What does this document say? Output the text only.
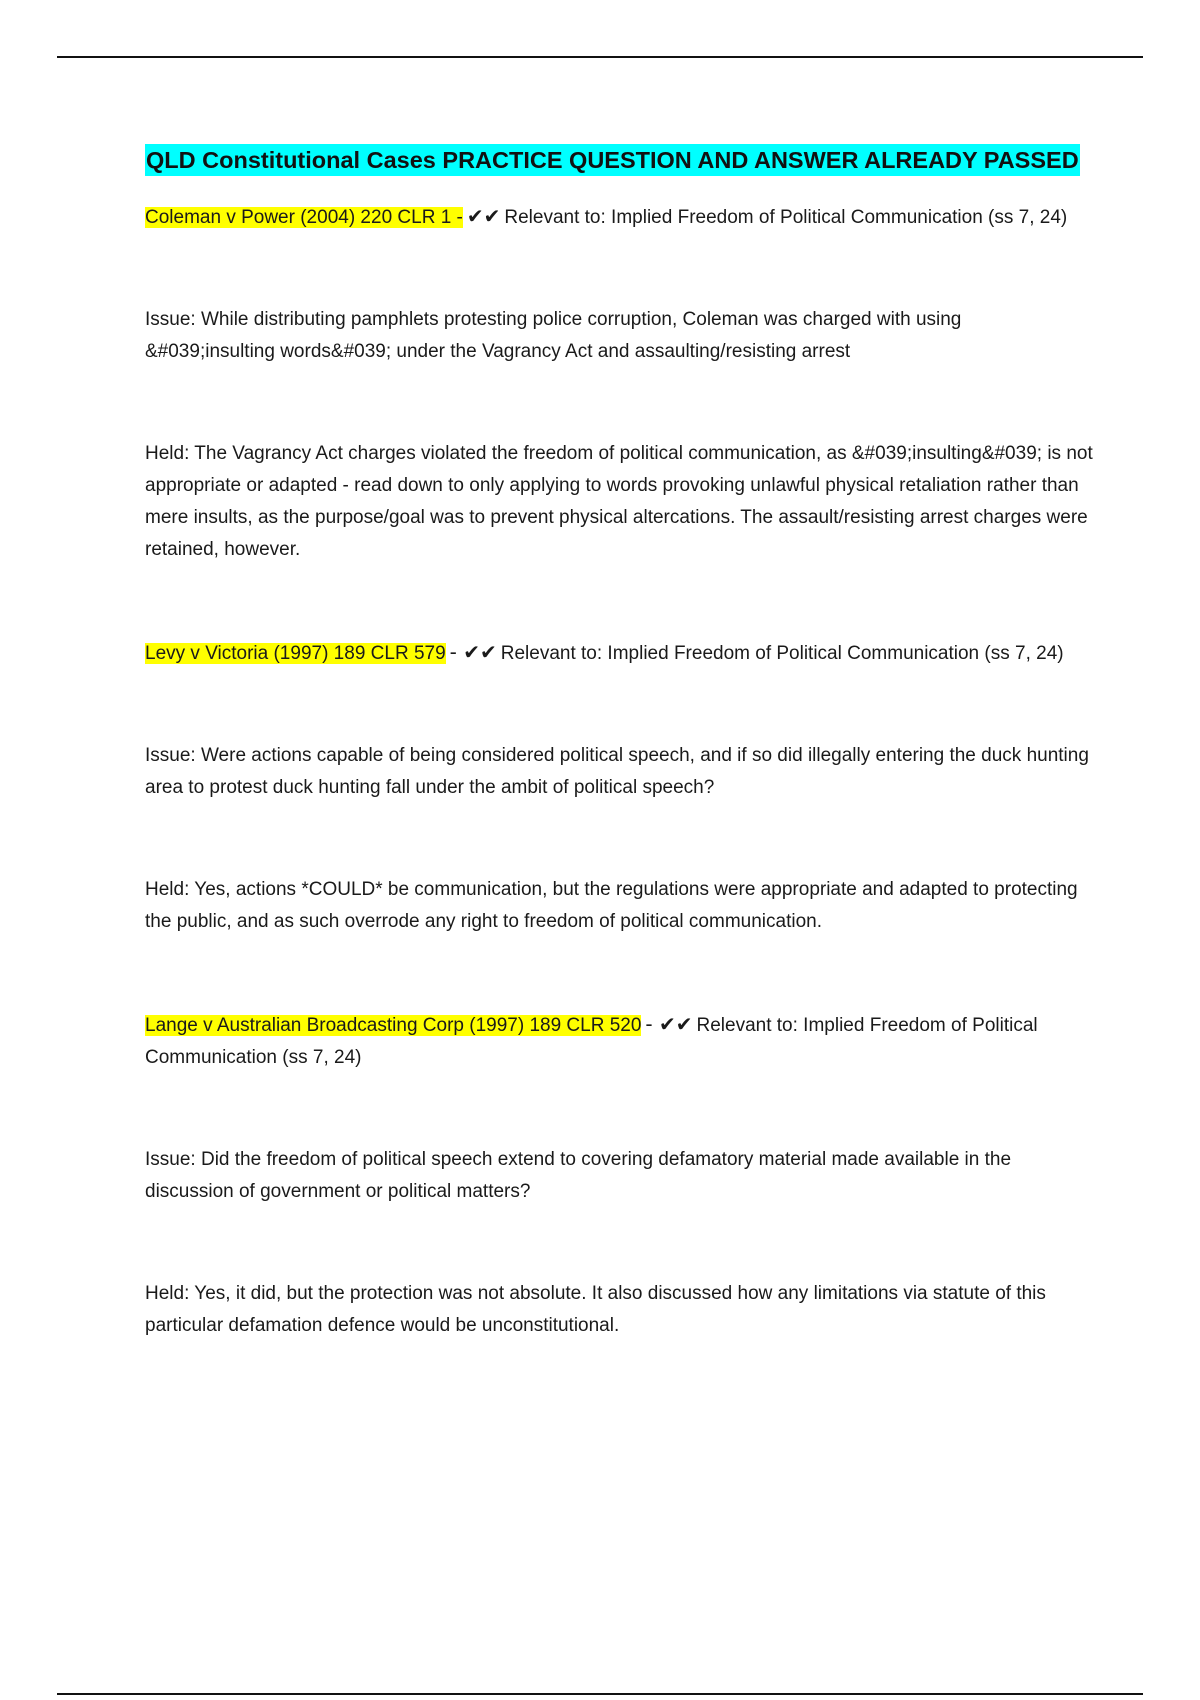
QLD Constitutional Cases PRACTICE QUESTION AND ANSWER ALREADY PASSED

Coleman v Power (2004) 220 CLR 1 - ✔✔ Relevant to: Implied Freedom of Political Communication (ss 7, 24)

Issue: While distributing pamphlets protesting police corruption, Coleman was charged with using &#039;insulting words&#039; under the Vagrancy Act and assaulting/resisting arrest

Held: The Vagrancy Act charges violated the freedom of political communication, as &#039;insulting&#039; is not appropriate or adapted - read down to only applying to words provoking unlawful physical retaliation rather than mere insults, as the purpose/goal was to prevent physical altercations. The assault/resisting arrest charges were retained, however.

Levy v Victoria (1997) 189 CLR 579 - ✔✔ Relevant to: Implied Freedom of Political Communication (ss 7, 24)

Issue: Were actions capable of being considered political speech, and if so did illegally entering the duck hunting area to protest duck hunting fall under the ambit of political speech?

Held: Yes, actions *COULD* be communication, but the regulations were appropriate and adapted to protecting the public, and as such overrode any right to freedom of political communication.

Lange v Australian Broadcasting Corp (1997) 189 CLR 520 - ✔✔ Relevant to: Implied Freedom of Political Communication (ss 7, 24)

Issue: Did the freedom of political speech extend to covering defamatory material made available in the discussion of government or political matters?

Held: Yes, it did, but the protection was not absolute. It also discussed how any limitations via statute of this particular defamation defence would be unconstitutional.
